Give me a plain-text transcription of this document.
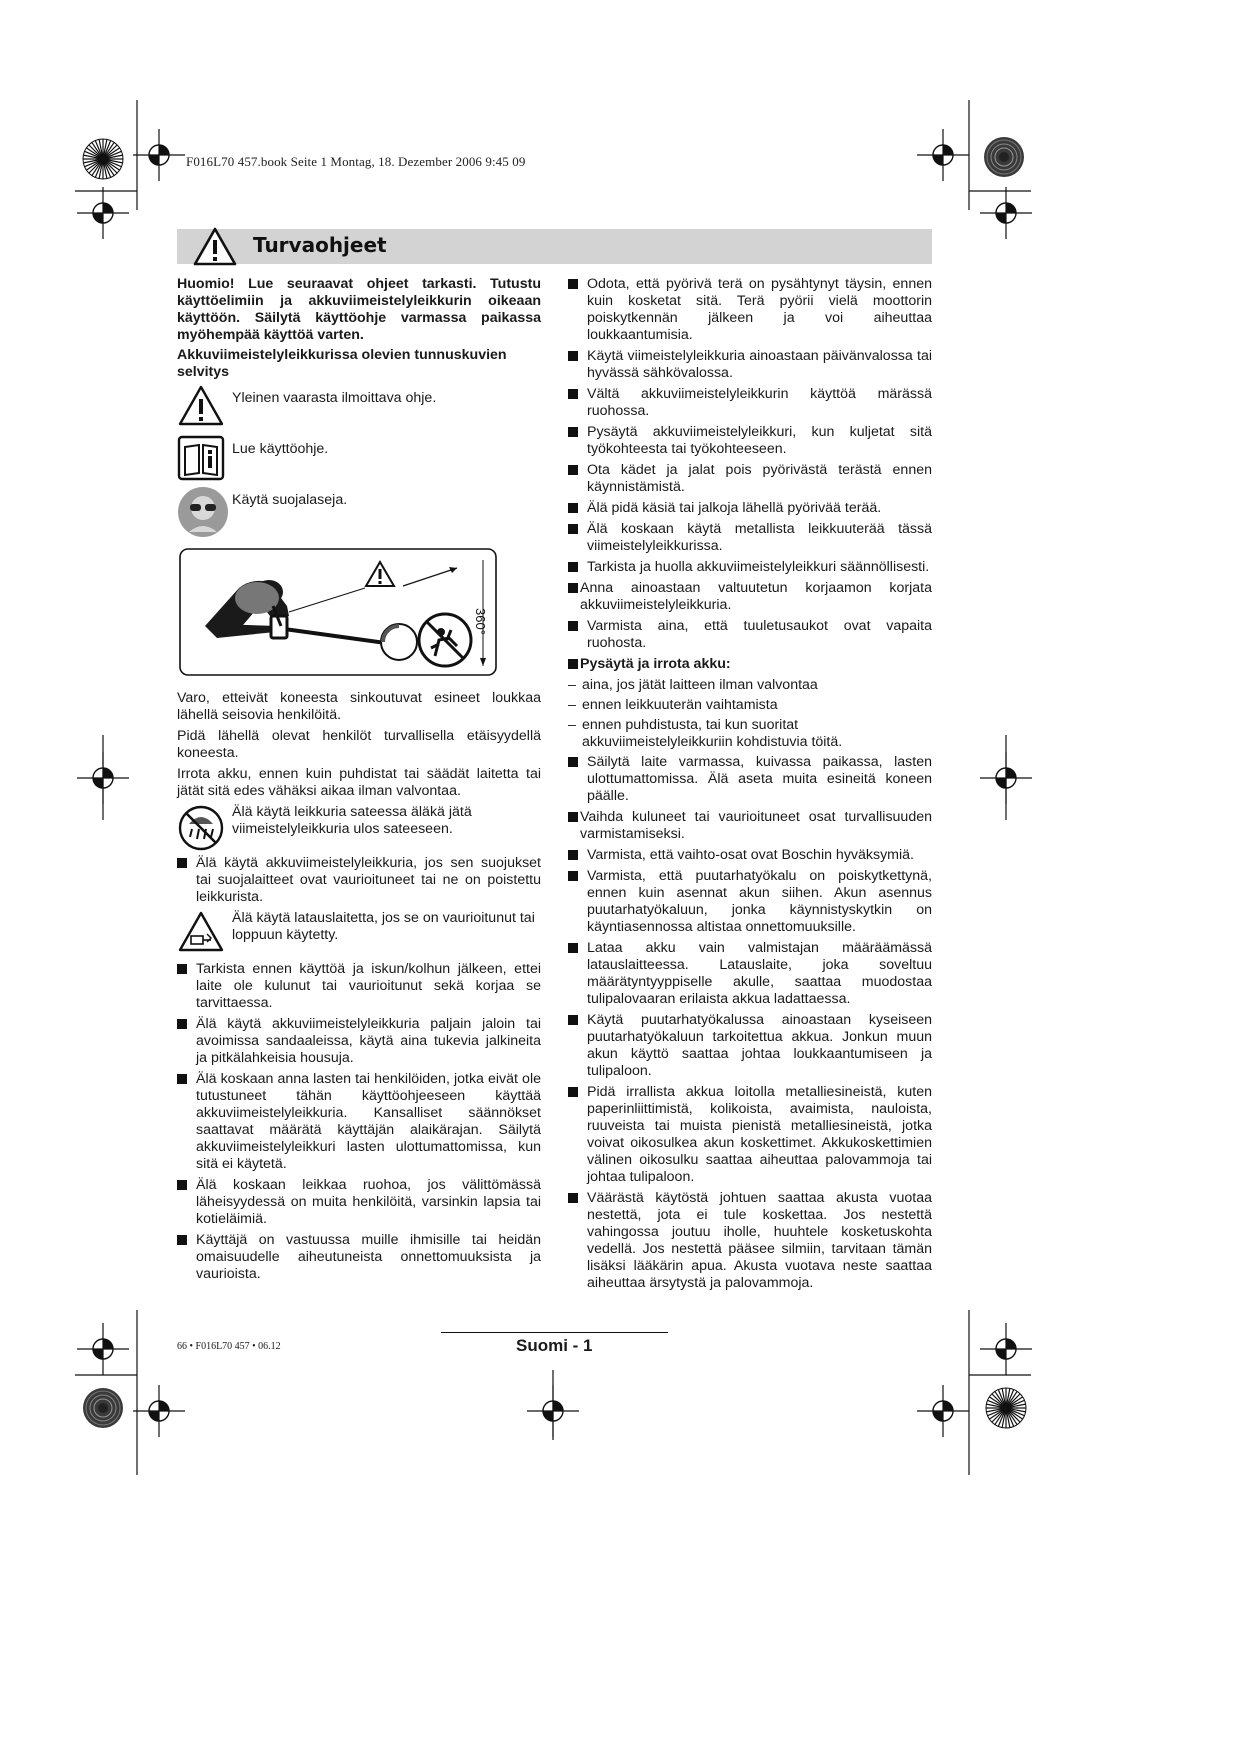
F016L70 457.book Seite 1 Montag, 18. Dezember 2006 9:45 09
Turvaohjeet

Huomio! Lue seuraavat ohjeet tarkasti. Tutustu käyttöelimiin ja akkuviimeistelyleikkurin oikeaan käyttöön. Säilytä käyttöohje varmassa paikassa myöhempää käyttöä varten.

Akkuviimeistelyleikkurissa olevien tunnuskuvien selvitys

Yleinen vaarasta ilmoittava ohje.
Lue käyttöohje.
Käytä suojalaseja.
360°

Varo, etteivät koneesta sinkoutuvat esineet loukkaa lähellä seisovia henkilöitä.

Pidä lähellä olevat henkilöt turvallisella etäisyydellä koneesta.

Irrota akku, ennen kuin puhdistat tai säädät laitetta tai jätät sitä edes vähäksi aikaa ilman valvontaa.

Älä käytä leikkuria sateessa äläkä jätä viimeistelyleikkuria ulos sateeseen.

Älä käytä akkuviimeistelyleikkuria, jos sen suojukset tai suojalaitteet ovat vaurioituneet tai ne on poistettu leikkurista.

Älä käytä latauslaitetta, jos se on vaurioitunut tai loppuun käytetty.

Tarkista ennen käyttöä ja iskun/kolhun jälkeen, ettei laite ole kulunut tai vaurioitunut sekä korjaa se tarvittaessa.

Älä käytä akkuviimeistelyleikkuria paljain jaloin tai avoimissa sandaaleissa, käytä aina tukevia jalkineita ja pitkälahkeisia housuja.

Älä koskaan anna lasten tai henkilöiden, jotka eivät ole tutustuneet tähän käyttöohjeeseen käyttää akkuviimeistelyleikkuria. Kansalliset säännökset saattavat määrätä käyttäjän alaikärajan. Säilytä akkuviimeistelyleikkuri lasten ulottumattomissa, kun sitä ei käytetä.

Älä koskaan leikkaa ruohoa, jos välittömässä läheisyydessä on muita henkilöitä, varsinkin lapsia tai kotieläimiä.

Käyttäjä on vastuussa muille ihmisille tai heidän omaisuudelle aiheutuneista onnettomuuksista ja vaurioista.

Odota, että pyörivä terä on pysähtynyt täysin, ennen kuin kosketat sitä. Terä pyörii vielä moottorin poiskytkennän jälkeen ja voi aiheuttaa loukkaantumisia.

Käytä viimeistelyleikkuria ainoastaan päivänvalossa tai hyvässä sähkövalossa.

Vältä akkuviimeistelyleikkurin käyttöä märässä ruohossa.

Pysäytä akkuviimeistelyleikkuri, kun kuljetat sitä työkohteesta tai työkohteeseen.

Ota kädet ja jalat pois pyörivästä terästä ennen käynnistämistä.

Älä pidä käsiä tai jalkoja lähellä pyörivää terää.

Älä koskaan käytä metallista leikkuuterää tässä viimeistelyleikkurissa.

Tarkista ja huolla akkuviimeistelyleikkuri säännöllisesti.

Anna ainoastaan valtuutetun korjaamon korjata akkuviimeistelyleikkuria.

Varmista aina, että tuuletusaukot ovat vapaita ruohosta.

Pysäytä ja irrota akku:

– aina, jos jätät laitteen ilman valvontaa

– ennen leikkuuterän vaihtamista

– ennen puhdistusta, tai kun suoritat akkuviimeistelyleikkuriin kohdistuvia töitä.

Säilytä laite varmassa, kuivassa paikassa, lasten ulottumattomissa. Älä aseta muita esineitä koneen päälle.

Vaihda kuluneet tai vaurioituneet osat turvallisuuden varmistamiseksi.

Varmista, että vaihto-osat ovat Boschin hyväksymiä.

Varmista, että puutarhatyökalu on poiskytkettynä, ennen kuin asennat akun siihen. Akun asennus puutarhatyökaluun, jonka käynnistyskytkin on käyntiasennossa altistaa onnettomuuksille.

Lataa akku vain valmistajan määräämässä latauslaitteessa. Latauslaite, joka soveltuu määrätyntyyppiselle akulle, saattaa muodostaa tulipalovaaran erilaista akkua ladattaessa.

Käytä puutarhatyökalussa ainoastaan kyseiseen puutarhatyökaluun tarkoitettua akkua. Jonkun muun akun käyttö saattaa johtaa loukkaantumiseen ja tulipaloon.

Pidä irrallista akkua loitolla metalliesineistä, kuten paperinliittimistä, kolikoista, avaimista, nauloista, ruuveista tai muista pienistä metalliesineistä, jotka voivat oikosulkea akun koskettimet. Akkukoskettimien välinen oikosulku saattaa aiheuttaa palovammoja tai johtaa tulipaloon.

Väärästä käytöstä johtuen saattaa akusta vuotaa nestettä, jota ei tule koskettaa. Jos nestettä vahingossa joutuu iholle, huuhtele kosketuskohta vedellä. Jos nestettä pääsee silmiin, tarvitaan tämän lisäksi lääkärin apua. Akusta vuotava neste saattaa aiheuttaa ärsytystä ja palovammoja.

66 • F016L70 457 • 06.12	Suomi - 1
